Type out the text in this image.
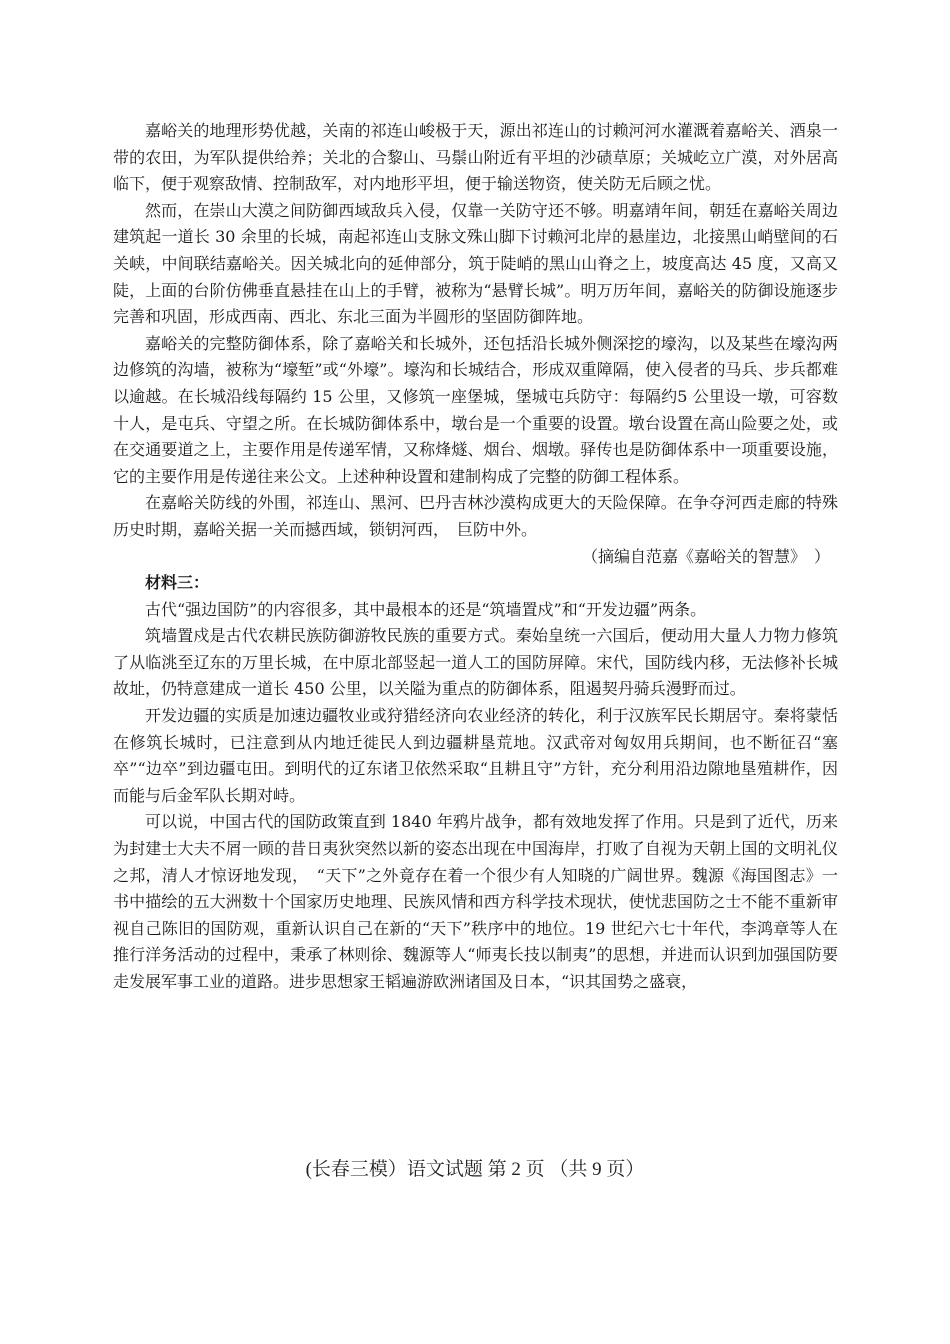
嘉峪关的地理形势优越，关南的祁连山峻极于天，源出祁连山的讨赖河河水灌溉着嘉峪关、酒泉一带的农田，为军队提供给养；关北的合黎山、马鬃山附近有平坦的沙碛草原；关城屹立广漠，对外居高临下，便于观察敌情、控制敌军，对内地形平坦，便于输送物资，使关防无后顾之忧。

然而，在崇山大漠之间防御西域敌兵入侵，仅靠一关防守还不够。明嘉靖年间，朝廷在嘉峪关周边建筑起一道长 30 余里的长城，南起祁连山支脉文殊山脚下讨赖河北岸的悬崖边，北接黑山峭壁间的石关峡，中间联结嘉峪关。因关城北向的延伸部分，筑于陡峭的黑山山脊之上，坡度高达 45 度，又高又陡，上面的台阶仿佛垂直悬挂在山上的手臂，被称为“悬臂长城”。明万历年间，嘉峪关的防御设施逐步完善和巩固，形成西南、西北、东北三面为半圆形的坚固防御阵地。

嘉峪关的完整防御体系，除了嘉峪关和长城外，还包括沿长城外侧深挖的壕沟，以及某些在壕沟两边修筑的沟墙，被称为“壕堑”或“外壕”。壕沟和长城结合，形成双重障隔，使入侵者的马兵、步兵都难以逾越。在长城沿线每隔约 15 公里，又修筑一座堡城，堡城屯兵防守：每隔约5 公里设一墩，可容数十人，是屯兵、守望之所。在长城防御体系中，墩台是一个重要的设置。墩台设置在高山险要之处，或在交通要道之上，主要作用是传递军情，又称烽燧、烟台、烟墩。驿传也是防御体系中一项重要设施，它的主要作用是传递往来公文。上述种种设置和建制构成了完整的防御工程体系。

在嘉峪关防线的外围，祁连山、黑河、巴丹吉林沙漠构成更大的天险保障。在争夺河西走廊的特殊历史时期，嘉峪关据一关而撼西域，锁钥河西，　巨防中外。

（摘编自范嘉《嘉峪关的智慧》　）

材料三：

古代“强边国防”的内容很多，其中最根本的还是“筑墙置戍”和“开发边疆”两条。

筑墙置戍是古代农耕民族防御游牧民族的重要方式。秦始皇统一六国后，便动用大量人力物力修筑了从临洮至辽东的万里长城，在中原北部竖起一道人工的国防屏障。宋代，国防线内移，无法修补长城故址，仍特意建成一道长 450 公里，以关隘为重点的防御体系，阻遏契丹骑兵漫野而过。

开发边疆的实质是加速边疆牧业或狩猎经济向农业经济的转化，利于汉族军民长期居守。秦将蒙恬在修筑长城时，已注意到从内地迁徙民人到边疆耕垦荒地。汉武帝对匈奴用兵期间，也不断征召“塞卒”“边卒”到边疆屯田。到明代的辽东诸卫依然采取“且耕且守”方针，充分利用沿边隙地垦殖耕作，因而能与后金军队长期对峙。

可以说，中国古代的国防政策直到 1840 年鸦片战争，都有效地发挥了作用。只是到了近代，历来为封建士大夫不屑一顾的昔日夷狄突然以新的姿态出现在中国海岸，打败了自视为天朝上国的文明礼仪之邦，清人才惊讶地发现，　“天下”之外竟存在着一个很少有人知晓的广阔世界。魏源《海国图志》一书中描绘的五大洲数十个国家历史地理、民族风情和西方科学技术现状，使忧悲国防之士不能不重新审视自己陈旧的国防观，重新认识自己在新的“天下”秩序中的地位。19 世纪六七十年代，李鸿章等人在推行洋务活动的过程中，秉承了林则徐、魏源等人“师夷长技以制夷”的思想，并进而认识到加强国防要走发展军事工业的道路。进步思想家王韬遍游欧洲诸国及日本，“识其国势之盛衰，

(长春三模）语文试题 第 2 页 （共 9 页）
